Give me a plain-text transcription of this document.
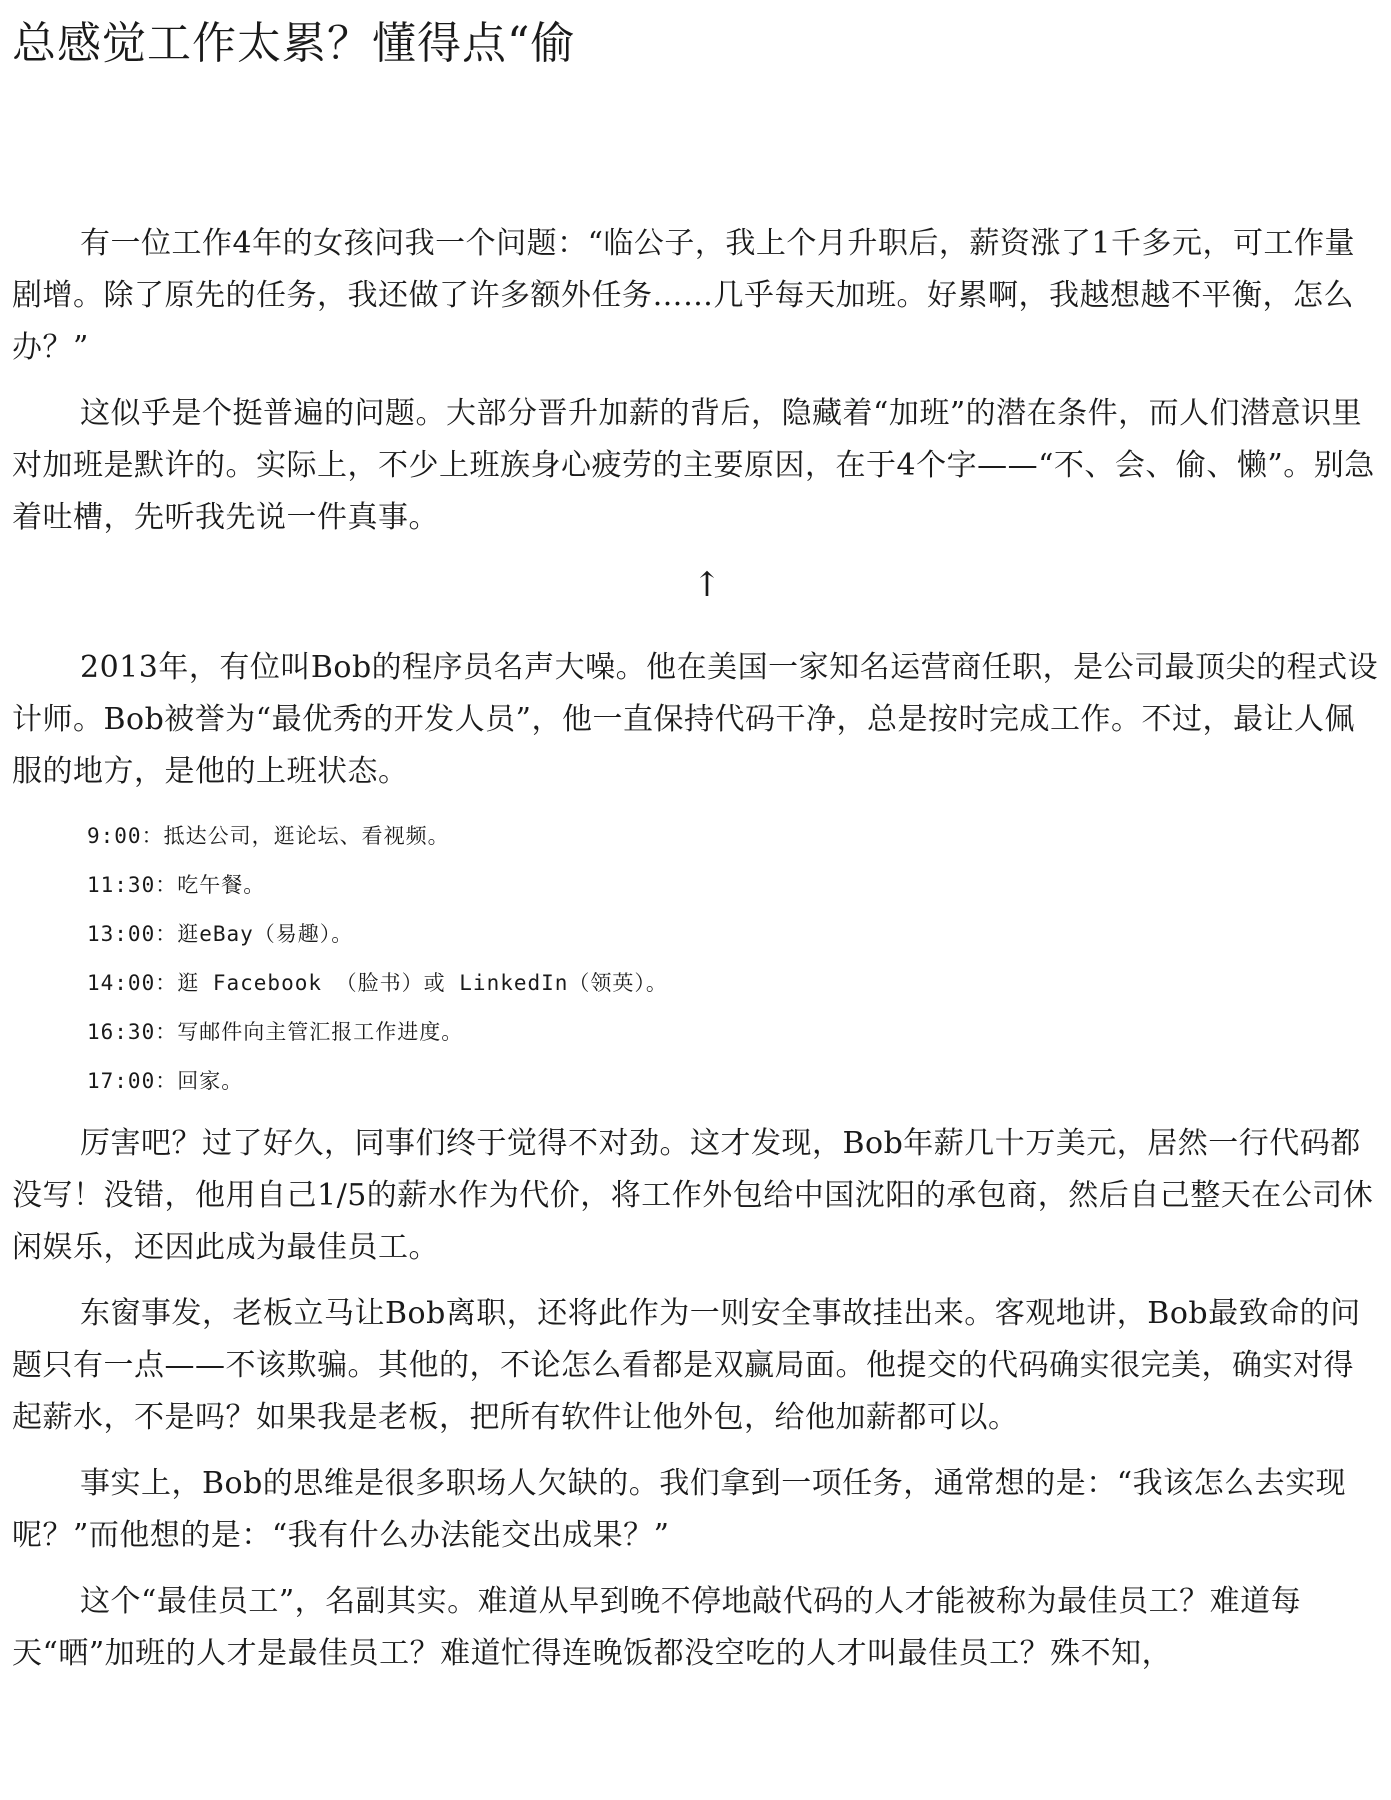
总感觉工作太累？懂得点“偷

有一位工作4年的女孩问我一个问题：“临公子，我上个月升职后，薪资涨了1千多元，可工作量剧增。除了原先的任务，我还做了许多额外任务……几乎每天加班。好累啊，我越想越不平衡，怎么办？”

这似乎是个挺普遍的问题。大部分晋升加薪的背后，隐藏着“加班”的潜在条件，而人们潜意识里对加班是默许的。实际上，不少上班族身心疲劳的主要原因，在于4个字——“不、会、偷、懒”。别急着吐槽，先听我先说一件真事。

↑

2013年，有位叫Bob的程序员名声大噪。他在美国一家知名运营商任职，是公司最顶尖的程式设计师。Bob被誉为“最优秀的开发人员”，他一直保持代码干净，总是按时完成工作。不过，最让人佩服的地方，是他的上班状态。

9:00：抵达公司，逛论坛、看视频。
11:30：吃午餐。
13:00：逛eBay（易趣）。
14:00：逛 Facebook （脸书）或 LinkedIn（领英）。
16:30：写邮件向主管汇报工作进度。
17:00：回家。

厉害吧？过了好久，同事们终于觉得不对劲。这才发现，Bob年薪几十万美元，居然一行代码都没写！没错，他用自己1/5的薪水作为代价，将工作外包给中国沈阳的承包商，然后自己整天在公司休闲娱乐，还因此成为最佳员工。

东窗事发，老板立马让Bob离职，还将此作为一则安全事故挂出来。客观地讲，Bob最致命的问题只有一点——不该欺骗。其他的，不论怎么看都是双赢局面。他提交的代码确实很完美，确实对得起薪水，不是吗？如果我是老板，把所有软件让他外包，给他加薪都可以。

事实上，Bob的思维是很多职场人欠缺的。我们拿到一项任务，通常想的是：“我该怎么去实现呢？”而他想的是：“我有什么办法能交出成果？”

这个“最佳员工”，名副其实。难道从早到晚不停地敲代码的人才能被称为最佳员工？难道每天“晒”加班的人才是最佳员工？难道忙得连晚饭都没空吃的人才叫最佳员工？殊不知，
